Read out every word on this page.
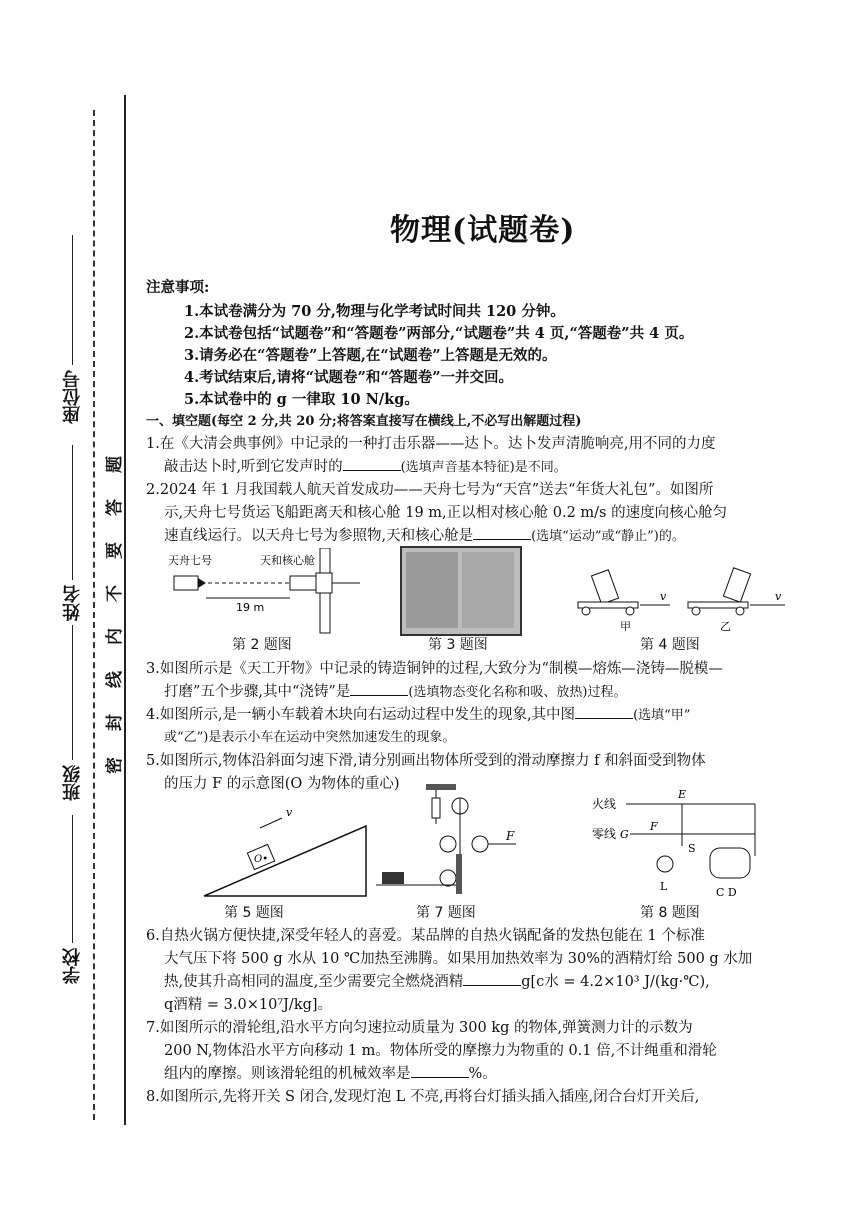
座位号
姓名
班级
学校
题
答
要
不
内
线
封
密
物理(试题卷)
注意事项:
1.本试卷满分为 70 分,物理与化学考试时间共 120 分钟。
2.本试卷包括“试题卷”和“答题卷”两部分,“试题卷”共 4 页,“答题卷”共 4 页。
3.请务必在“答题卷”上答题,在“试题卷”上答题是无效的。
4.考试结束后,请将“试题卷”和“答题卷”一并交回。
5.本试卷中的 g 一律取 10 N/kg。
一、填空题(每空 2 分,共 20 分;将答案直接写在横线上,不必写出解题过程)
1.在《大清会典事例》中记录的一种打击乐器——达卜。达卜发声清脆响亮,用不同的力度
敲击达卜时,听到它发声时的	(选填声音基本特征)是不同。
2.2024 年 1 月我国载人航天首发成功——天舟七号为“天宫”送去“年货大礼包”。如图所
示,天舟七号货运飞船距离天和核心舱 19 m,正以相对核心舱 0.2 m/s 的速度向核心舱匀
速直线运行。以天舟七号为参照物,天和核心舱是	(选填“运动”或“静止”)的。
天舟七号	天和核心舱
19 m
第 2 题图	第 3 题图
v
甲
v
乙
第 4 题图
3.如图所示是《天工开物》中记录的铸造铜钟的过程,大致分为“制模—熔炼—浇铸—脱模—
打磨”五个步骤,其中“浇铸”是	(选填物态变化名称和吸、放热)过程。
4.如图所示,是一辆小车载着木块向右运动过程中发生的现象,其中图	(选填“甲”
或“乙”)是表示小车在运动中突然加速发生的现象。
5.如图所示,物体沿斜面匀速下滑,请分别画出物体所受到的滑动摩擦力 f 和斜面受到物体
的压力 F 的示意图(O 为物体的重心)
O•
v
第 5 题图
F
第 7 题图
火线
E
零线 G
F
S
L	C D
第 8 题图
6.自热火锅方便快捷,深受年轻人的喜爱。某品牌的自热火锅配备的发热包能在 1 个标准
大气压下将 500 g 水从 10 ℃加热至沸腾。如果用加热效率为 30%的酒精灯给 500 g 水加
热,使其升高相同的温度,至少需要完全燃烧酒精	g[c水 = 4.2×10³ J/(kg·℃),
q酒精 = 3.0×10⁷J/kg]。
7.如图所示的滑轮组,沿水平方向匀速拉动质量为 300 kg 的物体,弹簧测力计的示数为
200 N,物体沿水平方向移动 1 m。物体所受的摩擦力为物重的 0.1 倍,不计绳重和滑轮
组内的摩擦。则该滑轮组的机械效率是	%。
8.如图所示,先将开关 S 闭合,发现灯泡 L 不亮,再将台灯插头插入插座,闭合台灯开关后,
